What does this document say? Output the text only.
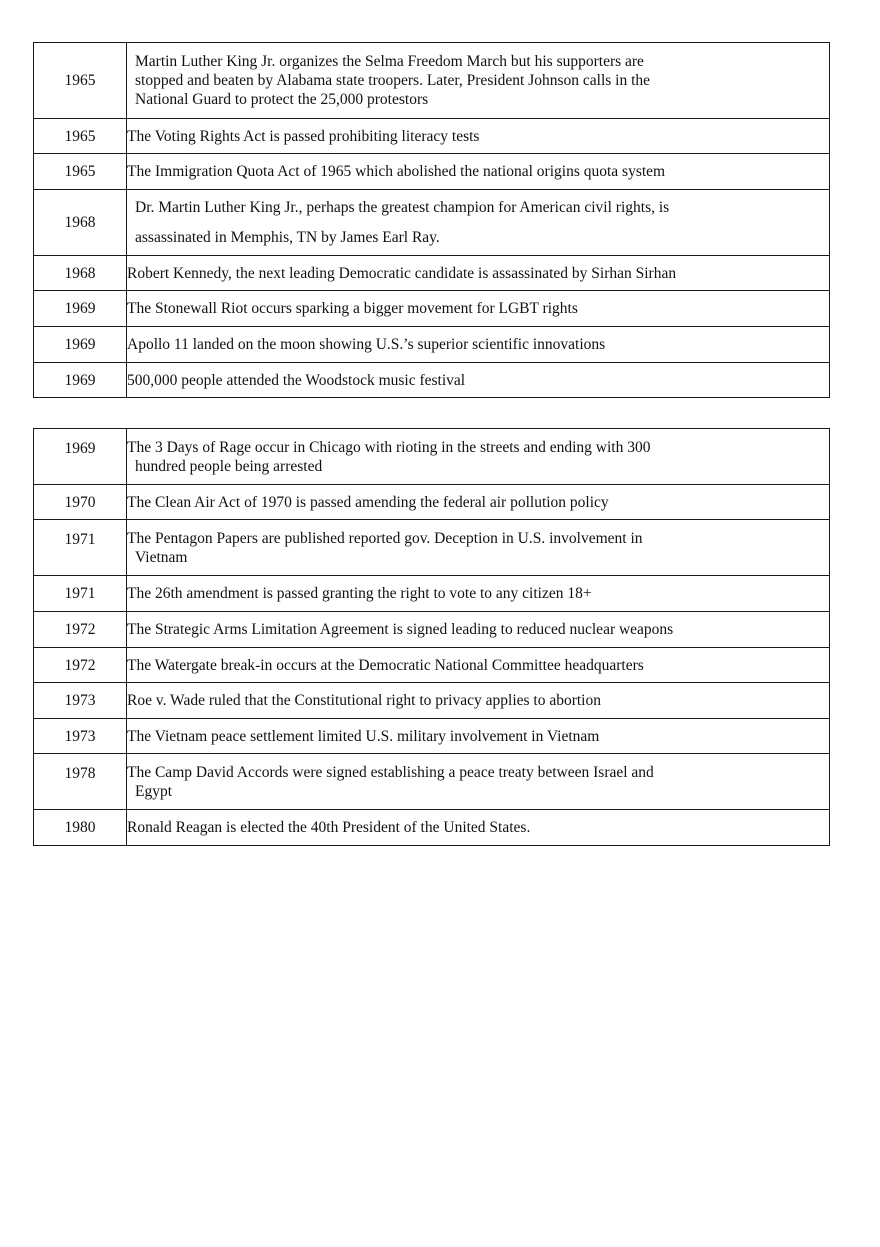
1965	Martin Luther King Jr. organizes the Selma Freedom March but his supporters are
stopped and beaten by Alabama state troopers. Later, President Johnson calls in the
National Guard to protect the 25,000 protestors

1965	The Voting Rights Act is passed prohibiting literacy tests
1965	The Immigration Quota Act of 1965 which abolished the national origins quota system
1968	Dr. Martin Luther King Jr., perhaps the greatest champion for American civil rights, is
assassinated in Memphis, TN by James Earl Ray.

1968	Robert Kennedy, the next leading Democratic candidate is assassinated by Sirhan Sirhan
1969	The Stonewall Riot occurs sparking a bigger movement for LGBT rights
1969	Apollo 11 landed on the moon showing U.S.’s superior scientific innovations
1969	500,000 people attended the Woodstock music festival
1969	The 3 Days of Rage occur in Chicago with rioting in the streets and ending with 300
hundred people being arrested

1970	The Clean Air Act of 1970 is passed amending the federal air pollution policy
1971	The Pentagon Papers are published reported gov. Deception in U.S. involvement in
Vietnam

1971	The 26th amendment is passed granting the right to vote to any citizen 18+
1972	The Strategic Arms Limitation Agreement is signed leading to reduced nuclear weapons
1972	The Watergate break-in occurs at the Democratic National Committee headquarters
1973	Roe v. Wade ruled that the Constitutional right to privacy applies to abortion
1973	The Vietnam peace settlement limited U.S. military involvement in Vietnam
1978	The Camp David Accords were signed establishing a peace treaty between Israel and
Egypt

1980	Ronald Reagan is elected the 40th President of the United States.
